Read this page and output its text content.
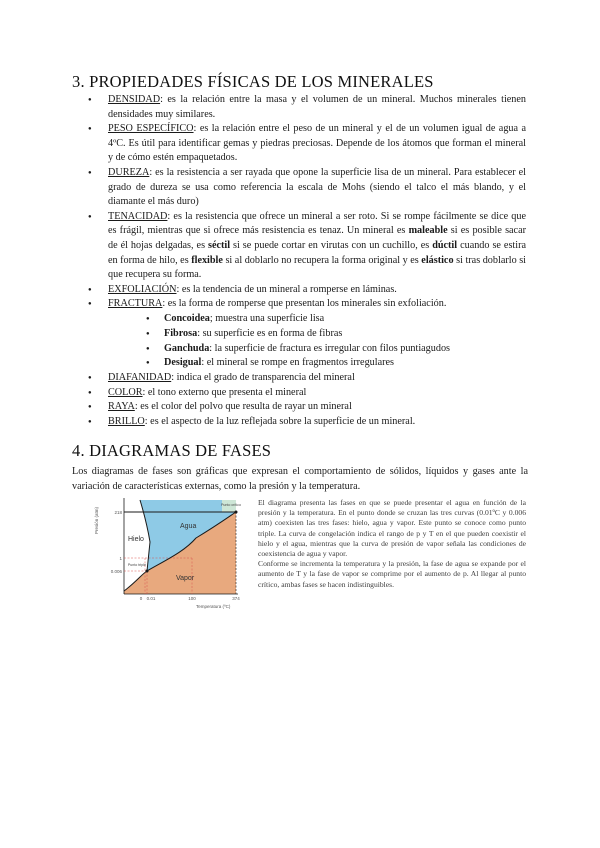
3. PROPIEDADES FÍSICAS DE LOS MINERALES
● DENSIDAD: es la relación entre la masa y el volumen de un mineral. Muchos minerales tienen densidades muy similares.
● PESO ESPECÍFICO: es la relación entre el peso de un mineral y el de un volumen igual de agua a 4ºC. Es útil para identificar gemas y piedras preciosas. Depende de los átomos que forman el mineral y de cómo estén empaquetados.
● DUREZA: es la resistencia a ser rayada que opone la superficie lisa de un mineral. Para establecer el grado de dureza se usa como referencia la escala de Mohs (siendo el talco el más blando, y el diamante el más duro)
● TENACIDAD: es la resistencia que ofrece un mineral a ser roto. Si se rompe fácilmente se dice que es frágil, mientras que si ofrece más resistencia es tenaz. Un mineral es maleable si es posible sacar de él hojas delgadas, es séctil si se puede cortar en virutas con un cuchillo, es dúctil cuando se estira en forma de hilo, es flexible si al doblarlo no recupera la forma original y es elástico si tras doblarlo si que recupera su forma.
● EXFOLIACIÓN: es la tendencia de un mineral a romperse en láminas.
● FRACTURA: es la forma de romperse que presentan los minerales sin exfoliación.
● Concoidea; muestra una superficie lisa
● Fibrosa: su superficie es en forma de fibras
● Ganchuda: la superficie de fractura es irregular con filos puntiagudos
● Desigual: el mineral se rompe en fragmentos irregulares
● DIAFANIDAD: indica el grado de transparencia del mineral
● COLOR: el tono externo que presenta el mineral
● RAYA: es el color del polvo que resulta de rayar un mineral
● BRILLO: es el aspecto de la luz reflejada sobre la superficie de un mineral.
4. DIAGRAMAS DE FASES

Los diagramas de fases son gráficas que expresan el comportamiento de sólidos, líquidos y gases ante la variación de características externas, como la presión y la temperatura.

Presión (atm)
Temperatura (ºC)
218
1
0.006
0 0.01	100	374
Hielo
Agua
Vapor
Punto crítico
Punto triple

El diagrama presenta las fases en que se puede presentar el agua en función de la presión y la temperatura. En el punto donde se cruzan las tres curvas (0.01ºC y 0.006 atm) coexisten las tres fases: hielo, agua y vapor. Este punto se conoce como punto triple. La curva de congelación indica el rango de p y T en el que pueden coexistir el hielo y el agua, mientras que la curva de presión de vapor señala las condiciones de coexistencia de agua y vapor.

Conforme se incrementa la temperatura y la presión, la fase de agua se expande por el aumento de T y la fase de vapor se comprime por el aumento de p. Al llegar al punto crítico, ambas fases se hacen indistinguibles.
